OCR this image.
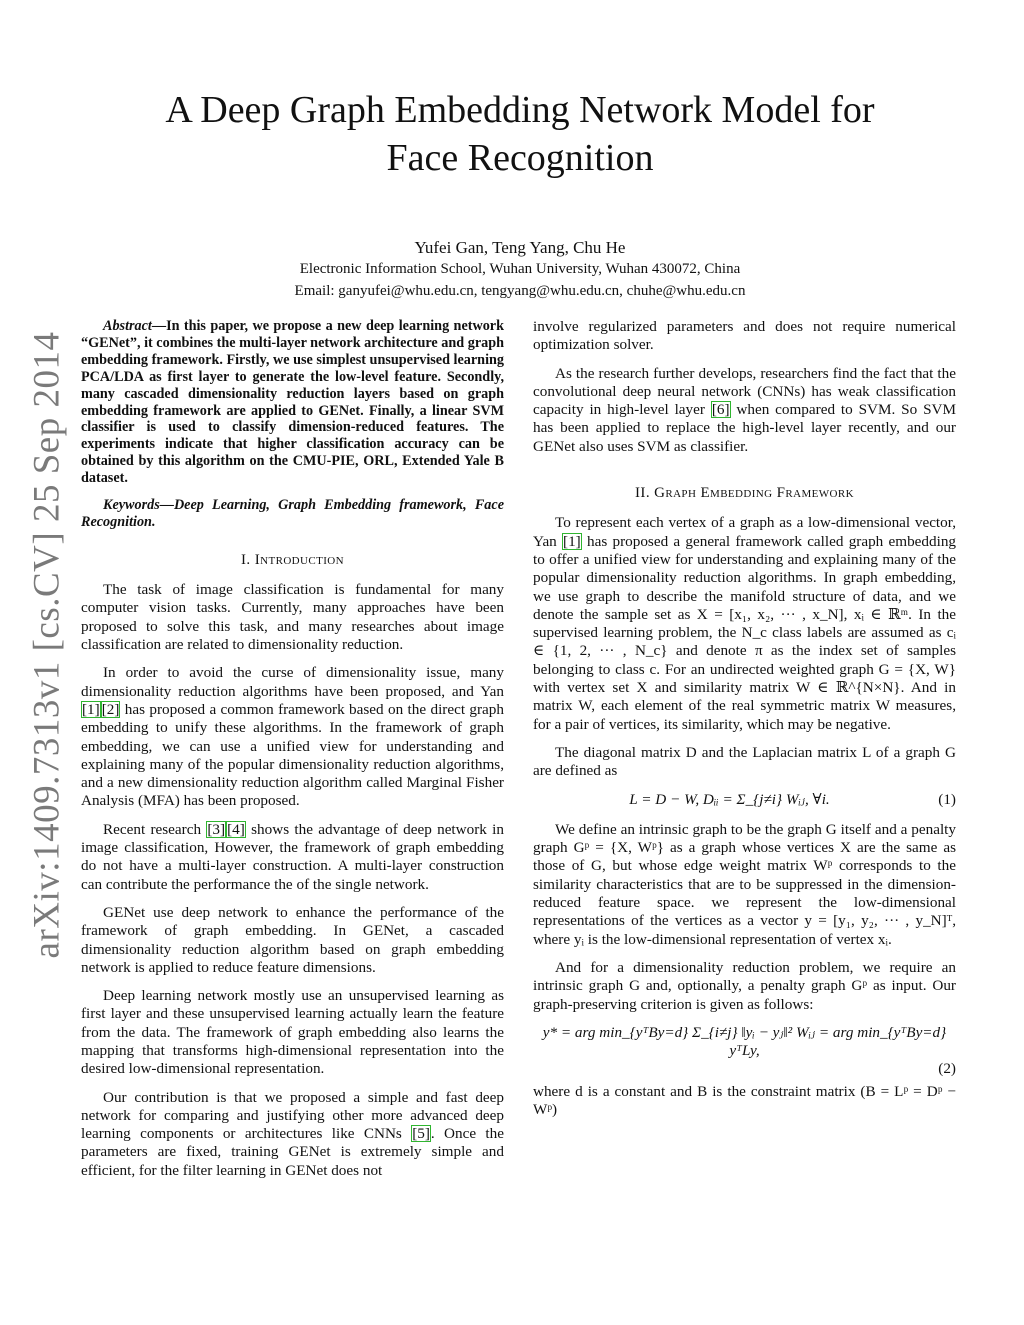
arXiv:1409.7313v1 [cs.CV] 25 Sep 2014
A Deep Graph Embedding Network Model for Face Recognition
Yufei Gan, Teng Yang, Chu He
Electronic Information School, Wuhan University, Wuhan 430072, China
Email: ganyufei@whu.edu.cn, tengyang@whu.edu.cn, chuhe@whu.edu.cn

Abstract—In this paper, we propose a new deep learning network “GENet”, it combines the multi-layer network architecture and graph embedding framework. Firstly, we use simplest unsupervised learning PCA/LDA as first layer to generate the low-level feature. Secondly, many cascaded dimensionality reduction layers based on graph embedding framework are applied to GENet. Finally, a linear SVM classifier is used to classify dimension-reduced features. The experiments indicate that higher classification accuracy can be obtained by this algorithm on the CMU-PIE, ORL, Extended Yale B dataset.

Keywords—Deep Learning, Graph Embedding framework, Face Recognition.

I. Introduction

The task of image classification is fundamental for many computer vision tasks. Currently, many approaches have been proposed to solve this task, and many researches about image classification are related to dimensionality reduction.

In order to avoid the curse of dimensionality issue, many dimensionality reduction algorithms have been proposed, and Yan [1] [2] has proposed a common framework based on the direct graph embedding to unify these algorithms. In the framework of graph embedding, we can use a unified view for understanding and explaining many of the popular dimensionality reduction algorithms, and a new dimensionality reduction algorithm called Marginal Fisher Analysis (MFA) has been proposed.

Recent research [3] [4] shows the advantage of deep network in image classification, However, the framework of graph embedding do not have a multi-layer construction. A multi-layer construction can contribute the performance the of the single network.

GENet use deep network to enhance the performance of the framework of graph embedding. In GENet, a cascaded dimensionality reduction algorithm based on graph embedding network is applied to reduce feature dimensions.

Deep learning network mostly use an unsupervised learning as first layer and these unsupervised learning actually learn the feature from the data. The framework of graph embedding also learns the mapping that transforms high-dimensional representation into the desired low-dimensional representation.

Our contribution is that we proposed a simple and fast deep network for comparing and justifying other more advanced deep learning components or architectures like CNNs [5]. Once the parameters are fixed, training GENet is extremely simple and efficient, for the filter learning in GENet does not

involve regularized parameters and does not require numerical optimization solver.

As the research further develops, researchers find the fact that the convolutional deep neural network (CNNs) has weak classification capacity in high-level layer [6] when compared to SVM. So SVM has been applied to replace the high-level layer recently, and our GENet also uses SVM as classifier.

II. Graph Embedding Framework

To represent each vertex of a graph as a low-dimensional vector, Yan [1] has proposed a general framework called graph embedding to offer a unified view for understanding and explaining many of the popular dimensionality reduction algorithms. In graph embedding, we use graph to describe the manifold structure of data, and we denote the sample set as X = [x₁, x₂, ··· , x_N], xᵢ ∈ ℝᵐ. In the supervised learning problem, the N_c class labels are assumed as cᵢ ∈ {1, 2, ··· , N_c} and denote π as the index set of samples belonging to class c. For an undirected weighted graph G = {X, W} with vertex set X and similarity matrix W ∈ ℝ^{N×N}. And in matrix W, each element of the real symmetric matrix W measures, for a pair of vertices, its similarity, which may be negative.

The diagonal matrix D and the Laplacian matrix L of a graph G are defined as

L = D − W, Dᵢᵢ = Σ_{j≠i} Wᵢⱼ, ∀i.	(1)

We define an intrinsic graph to be the graph G itself and a penalty graph Gᵖ = {X, Wᵖ} as a graph whose vertices X are the same as those of G, but whose edge weight matrix Wᵖ corresponds to the similarity characteristics that are to be suppressed in the dimension-reduced feature space. we represent the low-dimensional representations of the vertices as a vector y = [y₁, y₂, ··· , y_N]ᵀ, where yᵢ is the low-dimensional representation of vertex xᵢ.

And for a dimensionality reduction problem, we require an intrinsic graph G and, optionally, a penalty graph Gᵖ as input. Our graph-preserving criterion is given as follows:

y* = arg min_{yᵀBy=d} Σ_{i≠j} ‖yᵢ − yⱼ‖² Wᵢⱼ = arg min_{yᵀBy=d} yᵀLy,
(2)

where d is a constant and B is the constraint matrix (B = Lᵖ = Dᵖ − Wᵖ)
